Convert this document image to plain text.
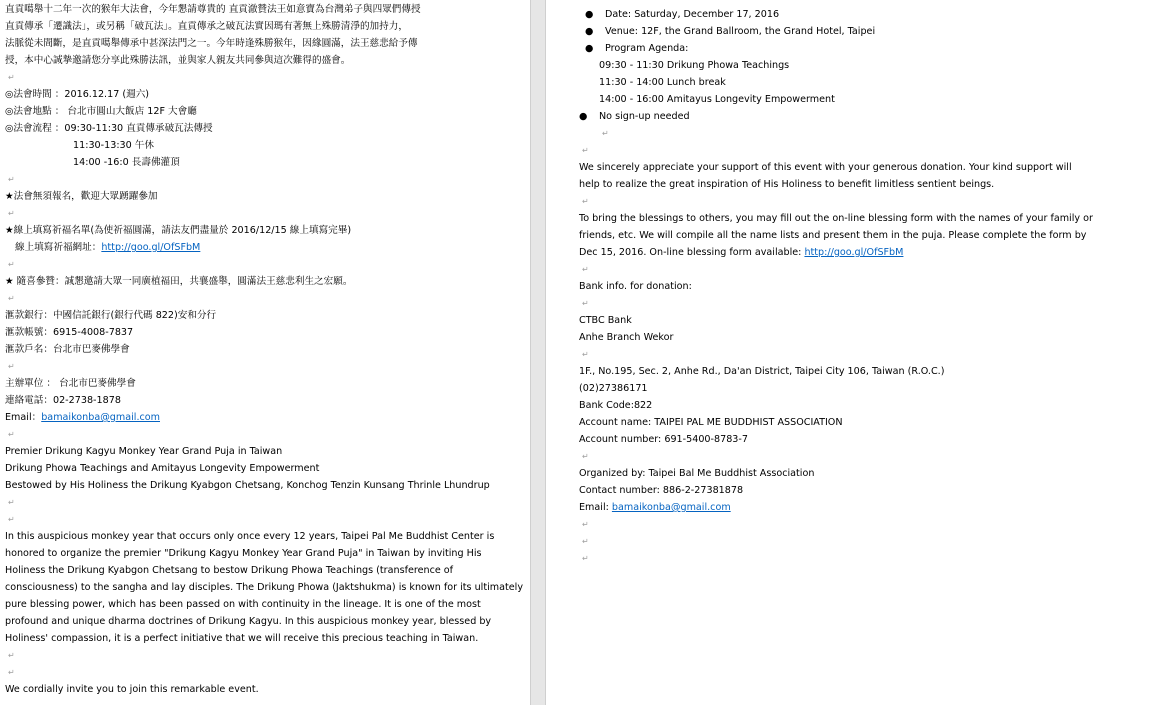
直貢噶舉十二年一次的猴年大法會，今年懇請尊貴的 直貢澈贊法王如意寶為台灣弟子與四眾們傳授
直貢傳承「遷識法」，或另稱「破瓦法」。直貢傳承之破瓦法實因瑪有著無上殊勝清淨的加持力，
法脈從未間斷，是直貢噶舉傳承中甚深法門之一。今年時逢殊勝猴年，因緣圓滿，法王慈悲給予傳
授，本中心誠摯邀請您分享此殊勝法訊，並與家人親友共同參與這次難得的盛會。
↵
◎法會時間 ：2016.12.17 (週六)
◎法會地點 ： 台北市圓山大飯店 12F 大會廳
◎法會流程 ：09:30-11:30 直貢傳承破瓦法傳授
11:30-13:30 午休
14:00 -16:0 長壽佛灌頂
↵
★法會無須報名，歡迎大眾踴躍參加
↵
★線上填寫祈福名單(為使祈福圓滿，請法友們盡量於 2016/12/15 線上填寫完畢)
線上填寫祈福網址：http://goo.gl/OfSFbM
↵
★ 隨喜參贊：誠懇邀請大眾一同廣植福田，共襄盛舉，圓滿法王慈悲利生之宏願。
↵
滙款銀行：中國信託銀行(銀行代碼 822)安和分行
滙款帳號：6915-4008-7837
滙款戶名：台北市巴麥佛學會
↵
主辦單位 ： 台北市巴麥佛學會
連絡電話：02-2738-1878
Email：bamaikonba@gmail.com
↵
Premier Drikung Kagyu Monkey Year Grand Puja in Taiwan
Drikung Phowa Teachings and Amitayus Longevity Empowerment
Bestowed by His Holiness the Drikung Kyabgon Chetsang, Konchog Tenzin Kunsang Thrinle Lhundrup
↵
↵
In this auspicious monkey year that occurs only once every 12 years, Taipei Pal Me Buddhist Center is
honored to organize the premier "Drikung Kagyu Monkey Year Grand Puja" in Taiwan by inviting His
Holiness the Drikung Kyabgon Chetsang to bestow Drikung Phowa Teachings (transference of
consciousness) to the sangha and lay disciples. The Drikung Phowa (Jaktshukma) is known for its ultimately
pure blessing power, which has been passed on with continuity in the lineage. It is one of the most
profound and unique dharma doctrines of Drikung Kagyu. In this auspicious monkey year, blessed by
Holiness' compassion, it is a perfect initiative that we will receive this precious teaching in Taiwan.
↵
↵
We cordially invite you to join this remarkable event.
● Date: Saturday, December 17, 2016
● Venue: 12F, the Grand Ballroom, the Grand Hotel, Taipei
● Program Agenda:
09:30 - 11:30 Drikung Phowa Teachings
11:30 - 14:00 Lunch break
14:00 - 16:00 Amitayus Longevity Empowerment
● No sign-up needed
↵
↵
We sincerely appreciate your support of this event with your generous donation. Your kind support will
help to realize the great inspiration of His Holiness to benefit limitless sentient beings.
↵
To bring the blessings to others, you may fill out the on-line blessing form with the names of your family or
friends, etc. We will compile all the name lists and present them in the puja. Please complete the form by
Dec 15, 2016. On-line blessing form available: http://goo.gl/OfSFbM
↵
Bank info. for donation:
↵
CTBC Bank
Anhe Branch Wekor
↵
1F., No.195, Sec. 2, Anhe Rd., Da'an District, Taipei City 106, Taiwan (R.O.C.)
(02)27386171
Bank Code:822
Account name: TAIPEI PAL ME BUDDHIST ASSOCIATION
Account number: 691-5400-8783-7
↵
Organized by: Taipei Bal Me Buddhist Association
Contact number: 886-2-27381878
Email: bamaikonba@gmail.com
↵
↵
↵
